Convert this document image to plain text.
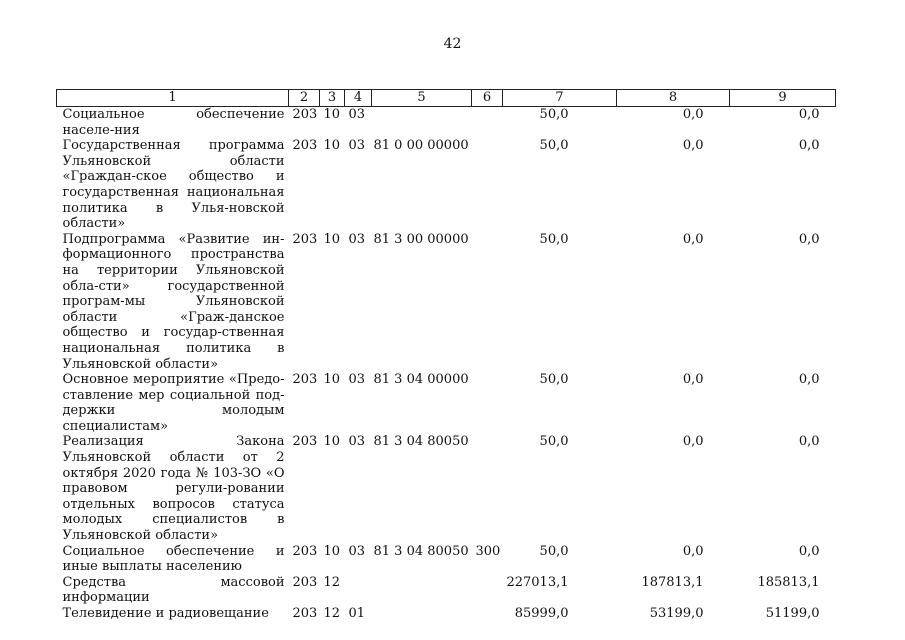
42
1	2	3	4	5	6	7	8	9
Социальное обеспечение населе-ния	203	10	03			50,0	0,0	0,0
Государственная программа Ульяновской области «Граждан-ское общество и государственная национальная политика в Улья-новской области»	203	10	03	81 0 00 00000		50,0	0,0	0,0
Подпрограмма «Развитие ин-формационного пространства на территории Ульяновской обла-сти» государственной програм-мы Ульяновской области «Граж-данское общество и государ-ственная национальная политика в Ульяновской области»	203	10	03	81 3 00 00000		50,0	0,0	0,0
Основное мероприятие «Предо-ставление мер социальной под-держки молодым специалистам»	203	10	03	81 3 04 00000		50,0	0,0	0,0
Реализация Закона Ульяновской области от 2 октября 2020 года № 103-ЗО «О правовом регули-ровании отдельных вопросов статуса молодых специалистов в Ульяновской области»	203	10	03	81 3 04 80050		50,0	0,0	0,0
Социальное обеспечение и иные выплаты населению	203	10	03	81 3 04 80050	300	50,0	0,0	0,0
Средства массовой информации	203	12				227013,1	187813,1	185813,1
Телевидение и радиовещание	203	12	01			85999,0	53199,0	51199,0
